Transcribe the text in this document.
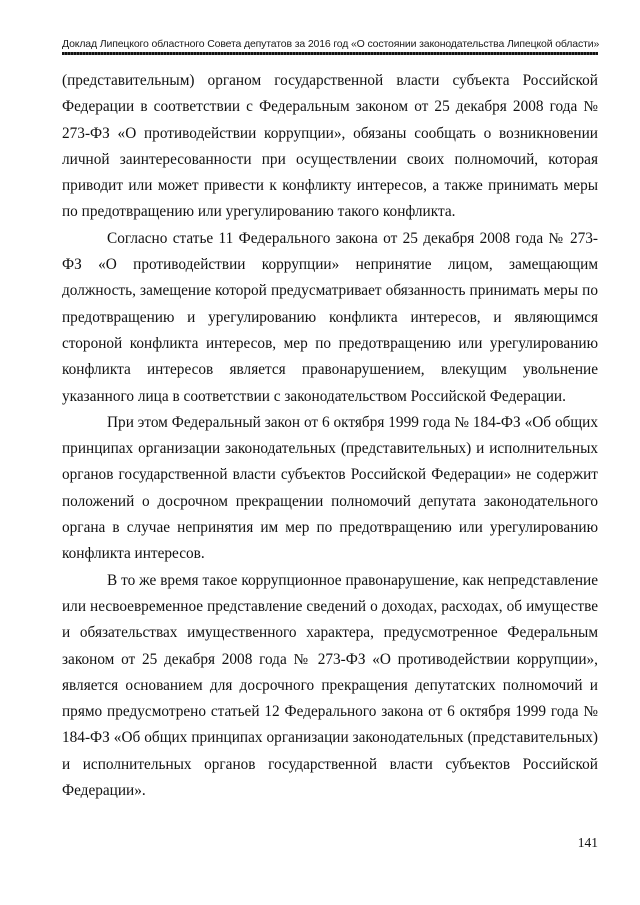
Доклад Липецкого областного Совета депутатов за 2016 год «О состоянии законодательства Липецкой области»

(представительным) органом государственной власти субъекта Российской Федерации в соответствии с Федеральным законом от 25 декабря 2008 года № 273-ФЗ «О противодействии коррупции», обязаны сообщать о возникновении личной заинтересованности при осуществлении своих полномочий, которая приводит или может привести к конфликту интересов, а также принимать меры по предотвращению или урегулированию такого конфликта.

Согласно статье 11 Федерального закона от 25 декабря 2008 года № 273-ФЗ «О противодействии коррупции» непринятие лицом, замещающим должность, замещение которой предусматривает обязанность принимать меры по предотвращению и урегулированию конфликта интересов, и являющимся стороной конфликта интересов, мер по предотвращению или урегулированию конфликта интересов является правонарушением, влекущим увольнение указанного лица в соответствии с законодательством Российской Федерации.

При этом Федеральный закон от 6 октября 1999 года № 184-ФЗ «Об общих принципах организации законодательных (представительных) и исполнительных органов государственной власти субъектов Российской Федерации» не содержит положений о досрочном прекращении полномочий депутата законодательного органа в случае непринятия им мер по предотвращению или урегулированию конфликта интересов.

В то же время такое коррупционное правонарушение, как непредставление или несвоевременное представление сведений о доходах, расходах, об имуществе и обязательствах имущественного характера, предусмотренное Федеральным законом от 25 декабря 2008 года № 273-ФЗ «О противодействии коррупции», является основанием для досрочного прекращения депутатских полномочий и прямо предусмотрено статьей 12 Федерального закона от 6 октября 1999 года № 184-ФЗ «Об общих принципах организации законодательных (представительных) и исполнительных органов государственной власти субъектов Российской Федерации».

141
